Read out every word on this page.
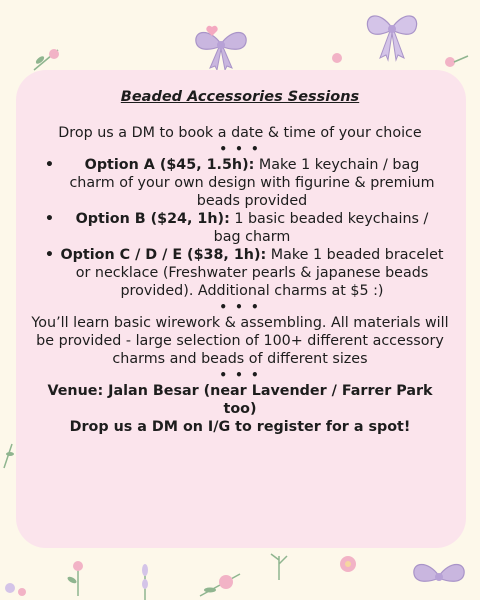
Beaded Accessories Sessions

Drop us a DM to book a date & time of your choice

• • •

•	Option A ($45, 1.5h): Make 1 keychain / bag charm of your own design with figurine & premium beads provided
•	Option B ($24, 1h): 1 basic beaded keychains / bag charm
• Option C / D / E ($38, 1h): Make 1 beaded bracelet or necklace (Freshwater pearls & japanese beads provided). Additional charms at $5 :)

• • •

You’ll learn basic wirework & assembling. All materials will be provided - large selection of 100+ different accessory charms and beads of different sizes

• • •

Venue: Jalan Besar (near Lavender / Farrer Park too)

Drop us a DM on I/G to register for a spot!
